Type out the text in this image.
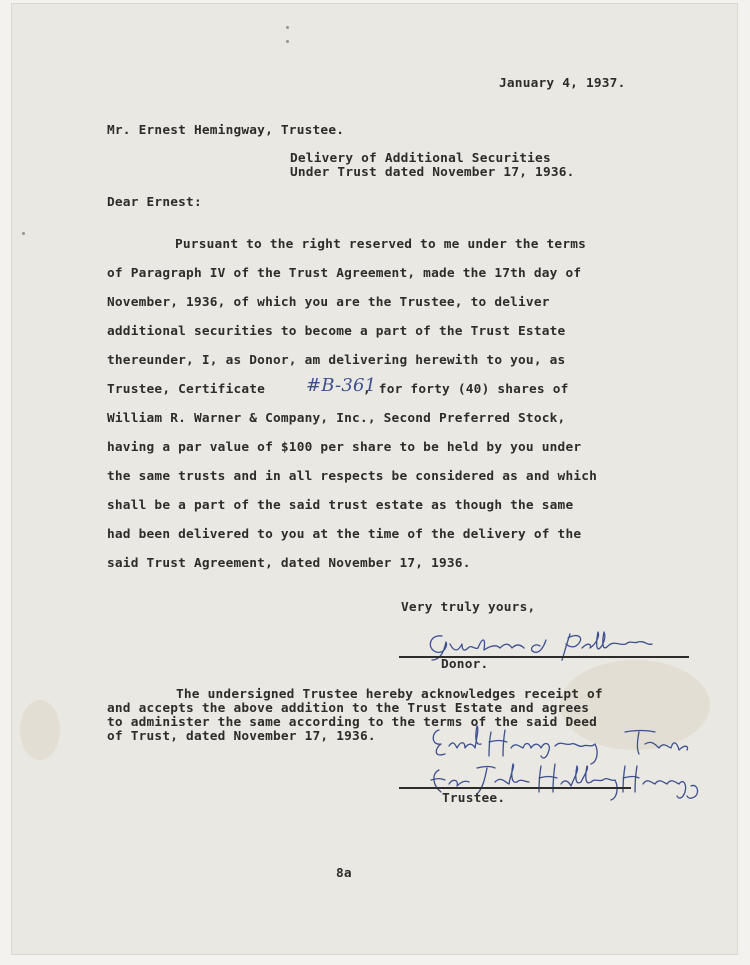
January 4, 1937.
Mr. Ernest Hemingway, Trustee.
Delivery of Additional Securities
Under Trust dated November 17, 1936.
Dear Ernest:
Pursuant to the right reserved to me under the terms
of Paragraph IV of the Trust Agreement, made the 17th day of
November, 1936, of which you are the Trustee, to deliver
additional securities to become a part of the Trust Estate
thereunder, I, as Donor, am delivering herewith to you, as
Trustee, Certificate #B-361
, for forty (40) shares of
William R. Warner & Company, Inc., Second Preferred Stock,
having a par value of $100 per share to be held by you under
the same trusts and in all respects be considered as and which
shall be a part of the said trust estate as though the same
had been delivered to you at the time of the delivery of the
said Trust Agreement, dated November 17, 1936.
Very truly yours,
Donor.
The undersigned Trustee hereby acknowledges receipt of
and accepts the above addition to the Trust Estate and agrees
to administer the same according to the terms of the said Deed
of Trust, dated November 17, 1936.
Trustee.
8a
